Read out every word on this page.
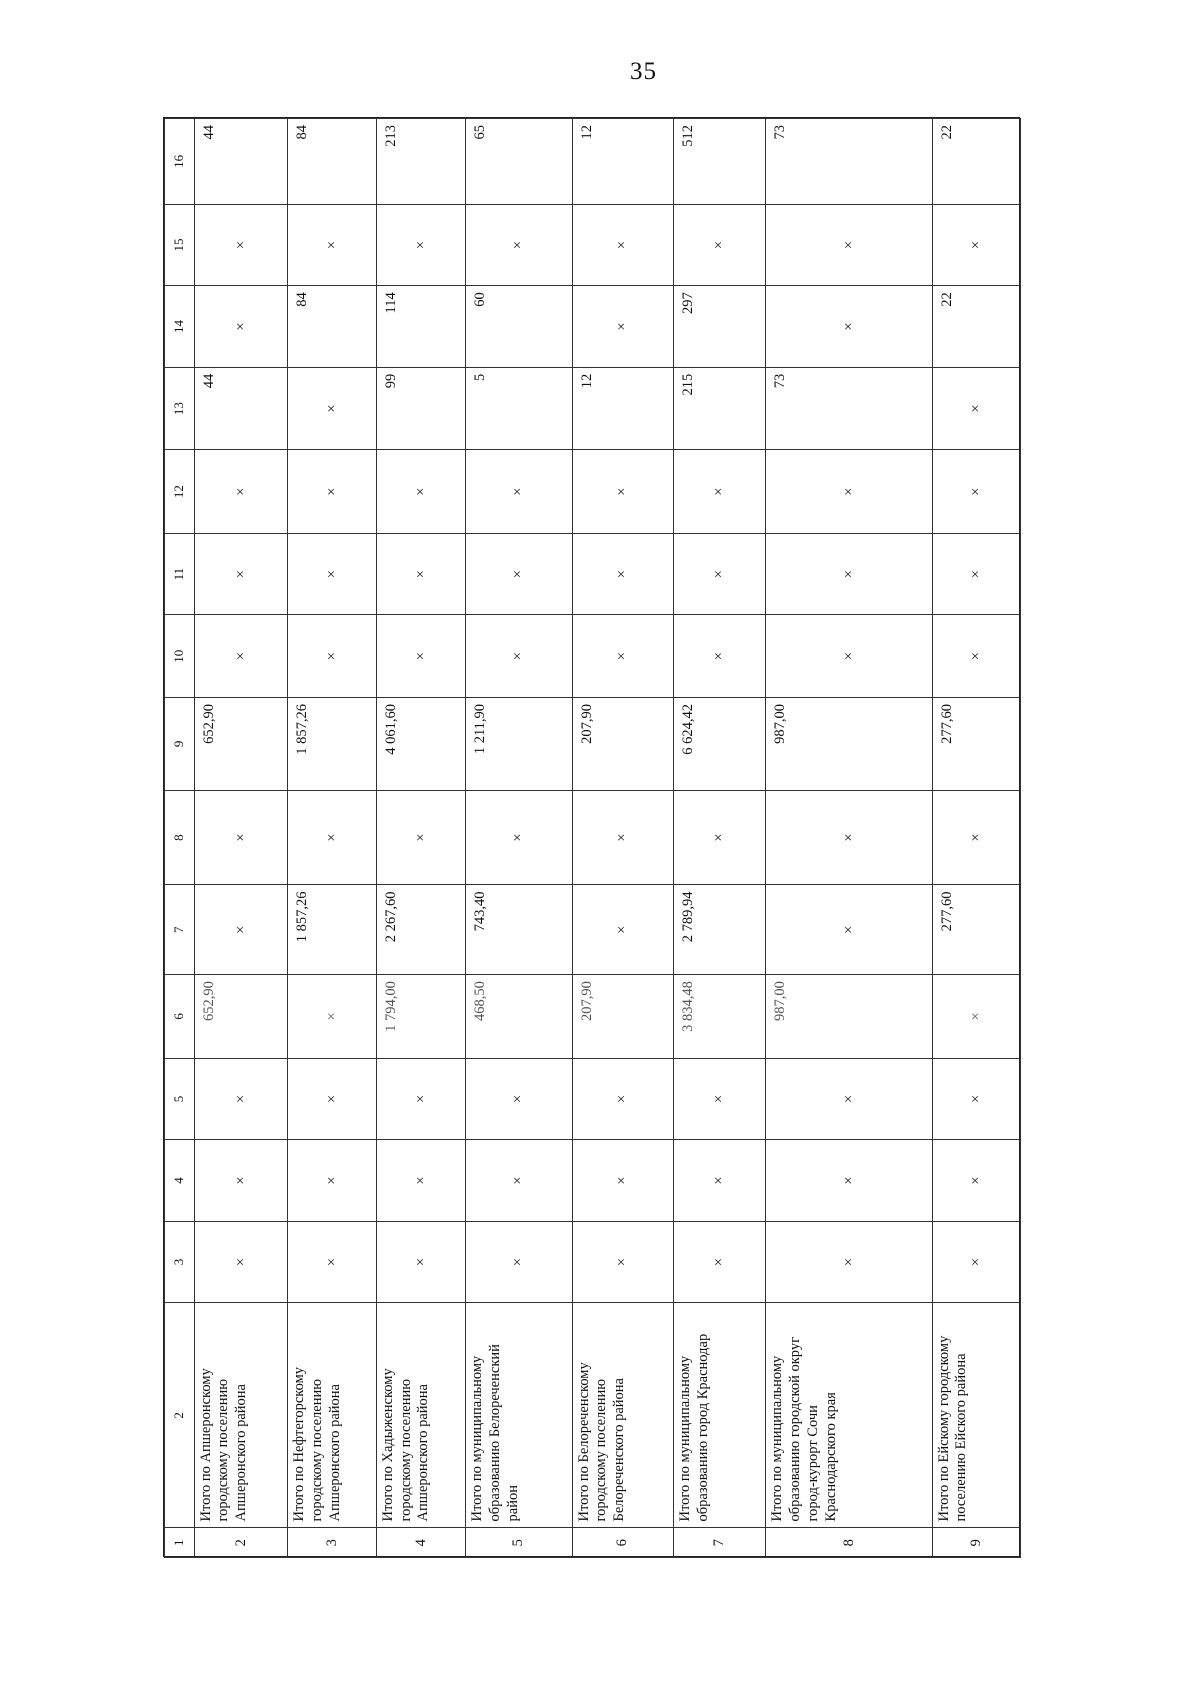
35
1	2	3	4	5	6	7	8	9	10	11	12	13	14	15	16
2	Итого по Апшеронскому городскому поселению Апшеронского района	×	×	×	652,90	×	×	652,90	×	×	×	44	×	×	44
3	Итого по Нефтегорскому городскому поселению Апшеронского района	×	×	×	×	1 857,26	×	1 857,26	×	×	×	×	84	×	84
4	Итого по Хадыженскому городскому поселению Апшеронского района	×	×	×	1 794,00	2 267,60	×	4 061,60	×	×	×	99	114	×	213
5	Итого по муниципальному образованию Белореченский район	×	×	×	468,50	743,40	×	1 211,90	×	×	×	5	60	×	65
6	Итого по Белореченскому городскому поселению Белореченского района	×	×	×	207,90	×	×	207,90	×	×	×	12	×	×	12
7	Итого по муниципальному образованию город Краснодар	×	×	×	3 834,48	2 789,94	×	6 624,42	×	×	×	215	297	×	512
8	Итого по муниципальному образованию городской округ город-курорт Сочи Краснодарского края	×	×	×	987,00	×	×	987,00	×	×	×	73	×	×	73
9	Итого по Ейскому городскому поселению Ейского района	×	×	×	×	277,60	×	277,60	×	×	×	×	22	×	22
